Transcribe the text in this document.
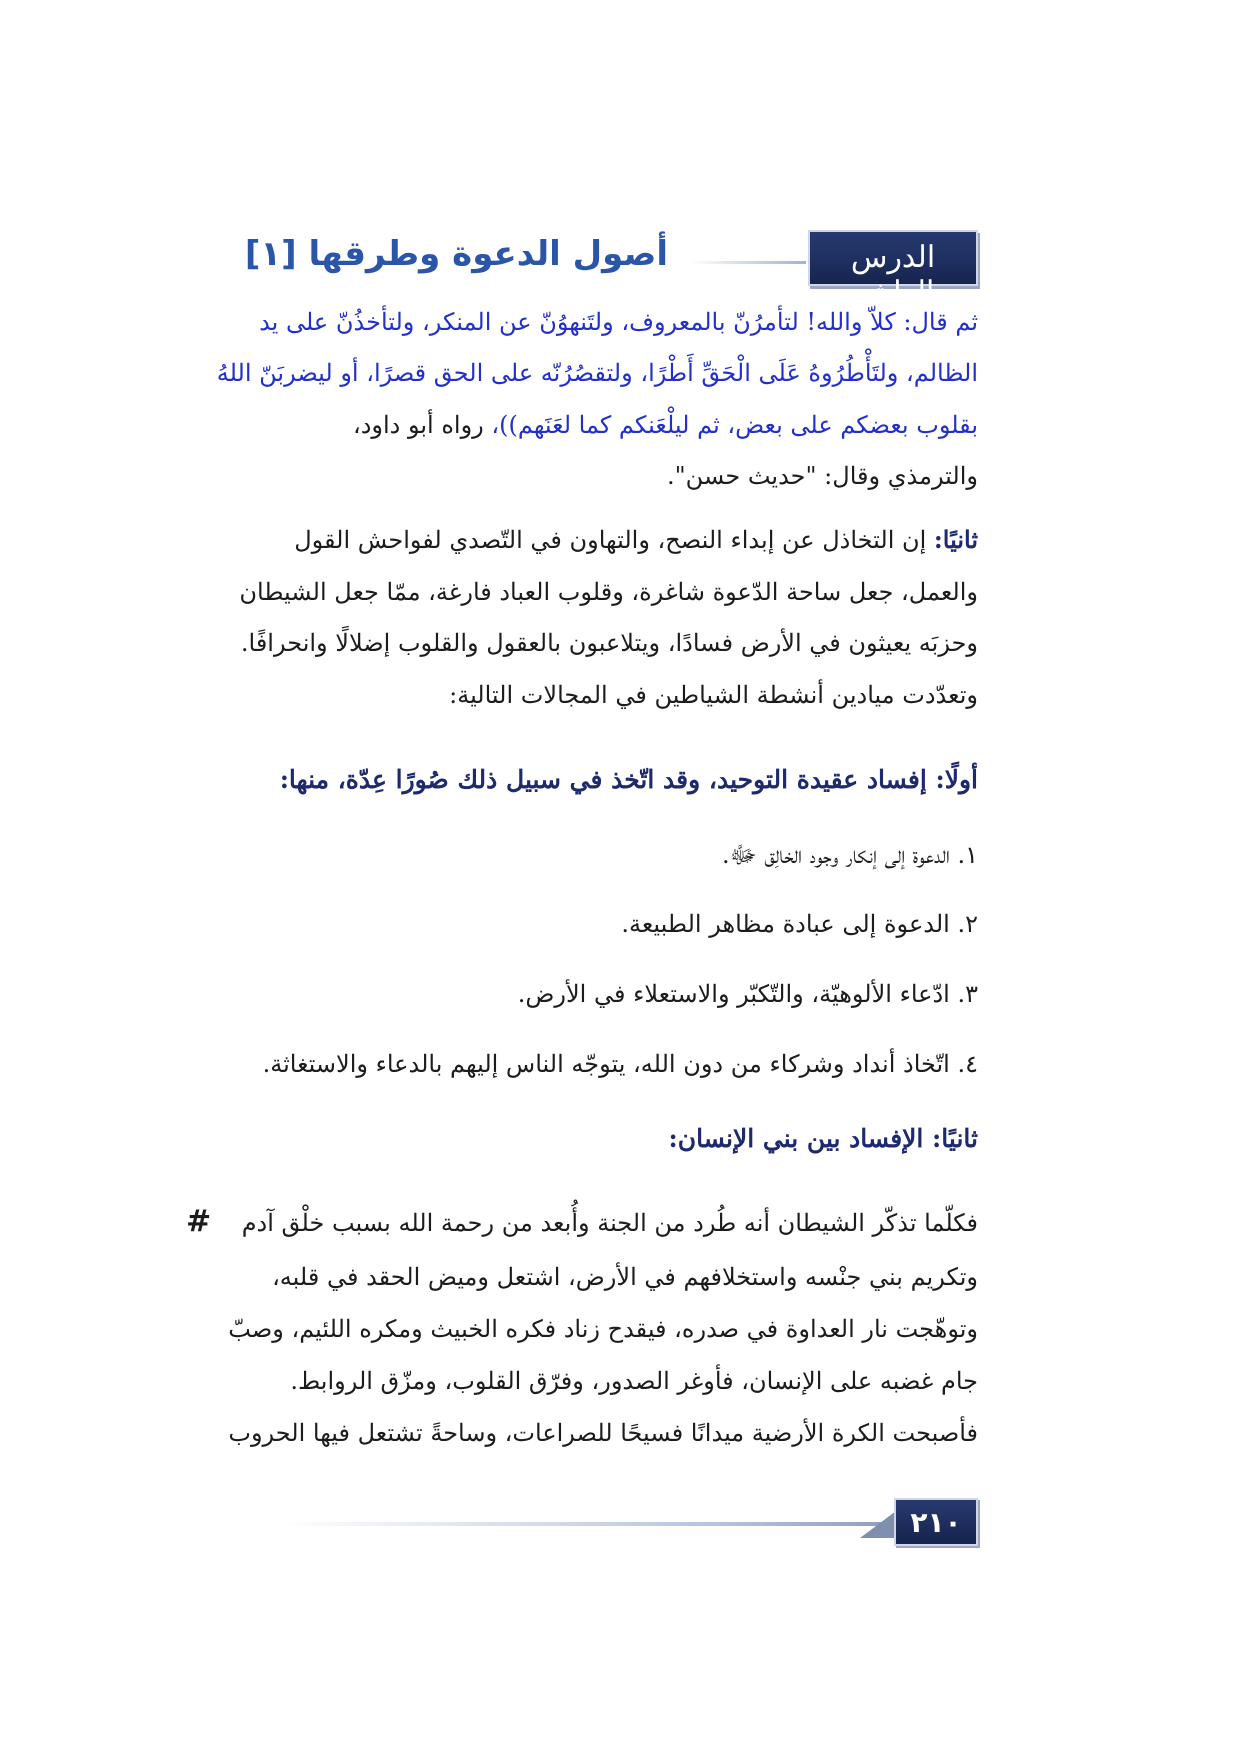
الدرس العاشر
أصول الدعوة وطرقها [١]
ثم قال: كلاّ والله! لتأمرُنّ بالمعروف، ولتَنهوُنّ عن المنكر، ولتأخذُنّ على يد
الظالم، ولتَأْطُرُوهُ عَلَى الْحَقِّ أَطْرًا، ولتقصُرُنّه على الحق قصرًا، أو ليضربَنّ اللهُ
بقلوب بعضكم على بعض، ثم ليلْعَنكم كما لعَنَهم))، رواه أبو داود،
والترمذي وقال: "حديث حسن".
ثانيًا: إن التخاذل عن إبداء النصح، والتهاون في التّصدي لفواحش القول
والعمل، جعل ساحة الدّعوة شاغرة، وقلوب العباد فارغة، ممّا جعل الشيطان
وحزبَه يعيثون في الأرض فسادًا، ويتلاعبون بالعقول والقلوب إضلالًا وانحرافًا.
وتعدّدت ميادين أنشطة الشياطين في المجالات التالية:
أولًا: إفساد عقيدة التوحيد، وقد اتّخذ في سبيل ذلك صُورًا عِدّة، منها:
١. الدعوة إلى إنكار وجود الخالِق ﷻ.
٢. الدعوة إلى عبادة مظاهر الطبيعة.
٣. ادّعاء الألوهيّة، والتّكبّر والاستعلاء في الأرض.
٤. اتّخاذ أنداد وشركاء من دون الله، يتوجّه الناس إليهم بالدعاء والاستغاثة.
ثانيًا: الإفساد بين بني الإنسان:
فكلّما تذكّر الشيطان أنه طُرد من الجنة وأُبعد من رحمة الله بسبب خلْق آدم    #
وتكريم بني جنْسه واستخلافهم في الأرض، اشتعل وميض الحقد في قلبه،
وتوهّجت نار العداوة في صدره، فيقدح زناد فكره الخبيث ومكره اللئيم، وصبّ
جام غضبه على الإنسان، فأوغر الصدور، وفرّق القلوب، ومزّق الروابط.
فأصبحت الكرة الأرضية ميدانًا فسيحًا للصراعات، وساحةً تشتعل فيها الحروب
٢١٠
